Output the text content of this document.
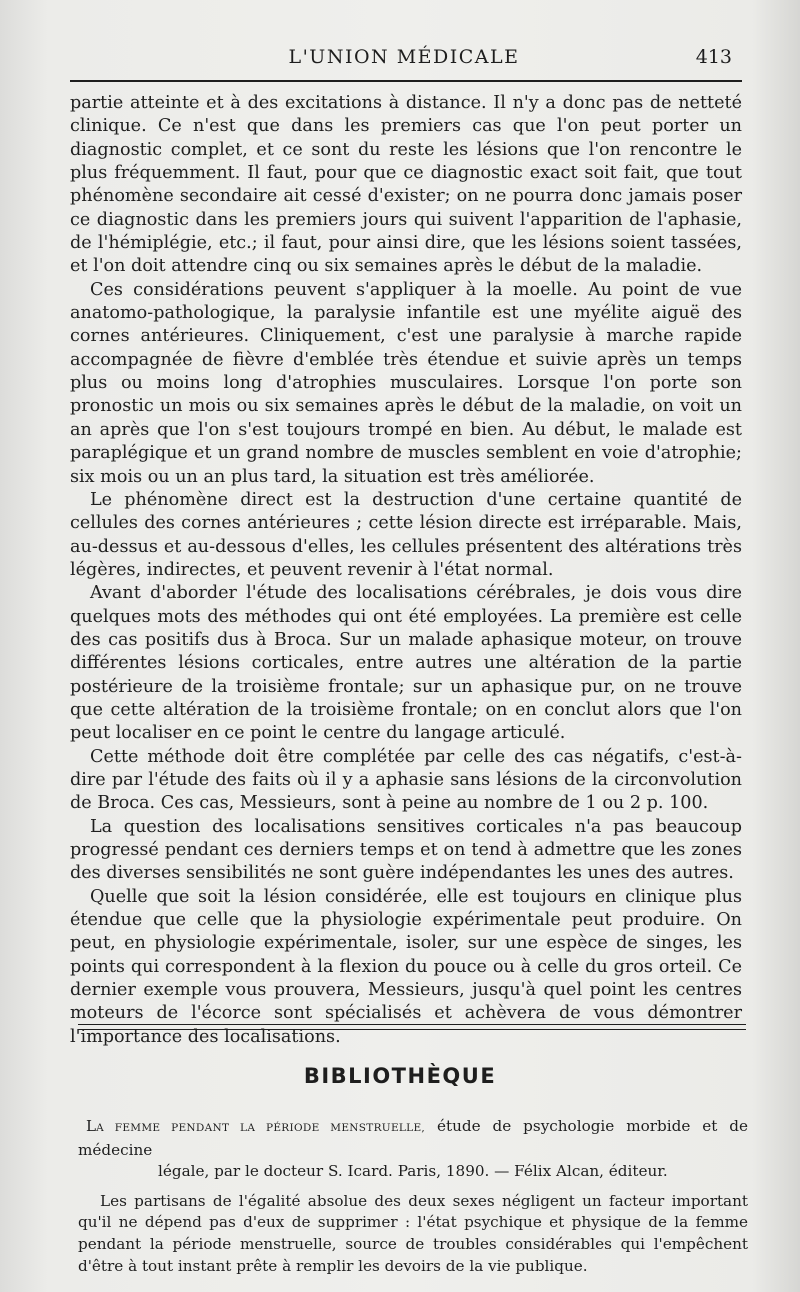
L'UNION MÉDICALE	413

partie atteinte et à des excitations à distance. Il n'y a donc pas de netteté clinique. Ce n'est que dans les premiers cas que l'on peut porter un diagnostic complet, et ce sont du reste les lésions que l'on rencontre le plus fréquemment. Il faut, pour que ce diagnostic exact soit fait, que tout phénomène secondaire ait cessé d'exister; on ne pourra donc jamais poser ce diagnostic dans les premiers jours qui suivent l'apparition de l'aphasie, de l'hémiplégie, etc.; il faut, pour ainsi dire, que les lésions soient tassées, et l'on doit attendre cinq ou six semaines après le début de la maladie.

Ces considérations peuvent s'appliquer à la moelle. Au point de vue anatomo-pathologique, la paralysie infantile est une myélite aiguë des cornes antérieures. Cliniquement, c'est une paralysie à marche rapide accompagnée de fièvre d'emblée très étendue et suivie après un temps plus ou moins long d'atrophies musculaires. Lorsque l'on porte son pronostic un mois ou six semaines après le début de la maladie, on voit un an après que l'on s'est toujours trompé en bien. Au début, le malade est paraplégique et un grand nombre de muscles semblent en voie d'atrophie; six mois ou un an plus tard, la situation est très améliorée.

Le phénomène direct est la destruction d'une certaine quantité de cellules des cornes antérieures ; cette lésion directe est irréparable. Mais, au-dessus et au-dessous d'elles, les cellules présentent des altérations très légères, indirectes, et peuvent revenir à l'état normal.

Avant d'aborder l'étude des localisations cérébrales, je dois vous dire quelques mots des méthodes qui ont été employées. La première est celle des cas positifs dus à Broca. Sur un malade aphasique moteur, on trouve différentes lésions corticales, entre autres une altération de la partie postérieure de la troisième frontale; sur un aphasique pur, on ne trouve que cette altération de la troisième frontale; on en conclut alors que l'on peut localiser en ce point le centre du langage articulé.

Cette méthode doit être complétée par celle des cas négatifs, c'est-à-dire par l'étude des faits où il y a aphasie sans lésions de la circonvolution de Broca. Ces cas, Messieurs, sont à peine au nombre de 1 ou 2 p. 100.

La question des localisations sensitives corticales n'a pas beaucoup progressé pendant ces derniers temps et on tend à admettre que les zones des diverses sensibilités ne sont guère indépendantes les unes des autres.

Quelle que soit la lésion considérée, elle est toujours en clinique plus étendue que celle que la physiologie expérimentale peut produire. On peut, en physiologie expérimentale, isoler, sur une espèce de singes, les points qui correspondent à la flexion du pouce ou à celle du gros orteil. Ce dernier exemple vous prouvera, Messieurs, jusqu'à quel point les centres moteurs de l'écorce sont spécialisés et achèvera de vous démontrer l'importance des localisations.

BIBLIOTHÈQUE

LA FEMME PENDANT LA PÉRIODE MENSTRUELLE, étude de psychologie morbide et de médecine
légale, par le docteur S. Icard. Paris, 1890. — Félix Alcan, éditeur.

Les partisans de l'égalité absolue des deux sexes négligent un facteur important qu'il ne dépend pas d'eux de supprimer : l'état psychique et physique de la femme pendant la période menstruelle, source de troubles considérables qui l'empêchent d'être à tout instant prête à remplir les devoirs de la vie publique.
